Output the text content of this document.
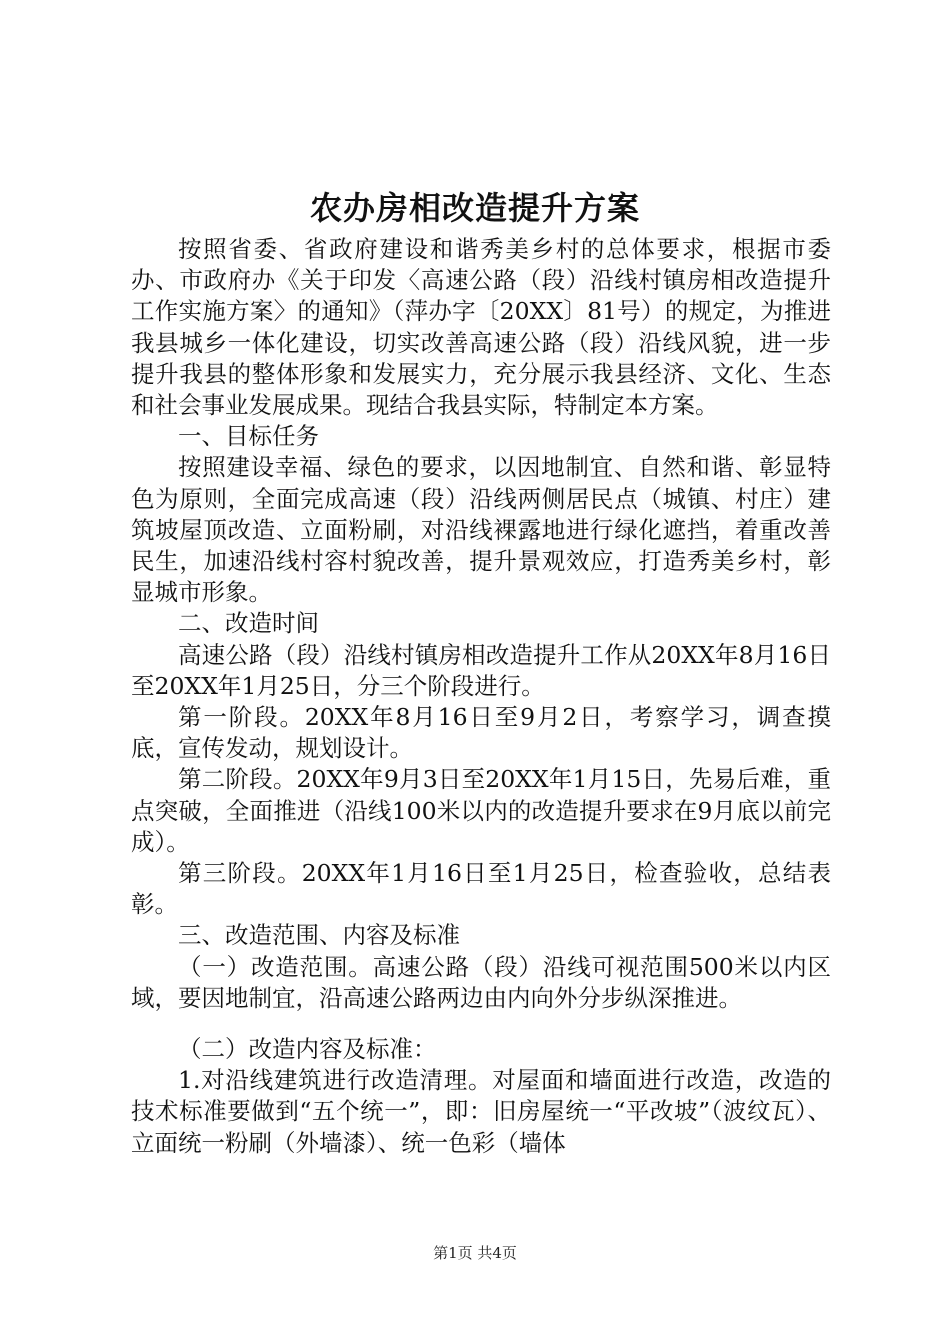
农办房相改造提升方案

按照省委、省政府建设和谐秀美乡村的总体要求，根据市委办、市政府办《关于印发〈高速公路（段）沿线村镇房相改造提升工作实施方案〉的通知》（萍办字〔20XX〕81号）的规定，为推进我县城乡一体化建设，切实改善高速公路（段）沿线风貌，进一步提升我县的整体形象和发展实力，充分展示我县经济、文化、生态和社会事业发展成果。现结合我县实际，特制定本方案。

一、目标任务

按照建设幸福、绿色的要求，以因地制宜、自然和谐、彰显特色为原则，全面完成高速（段）沿线两侧居民点（城镇、村庄）建筑坡屋顶改造、立面粉刷，对沿线裸露地进行绿化遮挡，着重改善民生，加速沿线村容村貌改善，提升景观效应，打造秀美乡村，彰显城市形象。

二、改造时间

高速公路（段）沿线村镇房相改造提升工作从20XX年8月16日至20XX年1月25日，分三个阶段进行。

第一阶段。20XX年8月16日至9月2日，考察学习，调查摸底，宣传发动，规划设计。

第二阶段。20XX年9月3日至20XX年1月15日，先易后难，重点突破，全面推进（沿线100米以内的改造提升要求在9月底以前完成）。

第三阶段。20XX年1月16日至1月25日，检查验收，总结表彰。

三、改造范围、内容及标准

（一）改造范围。高速公路（段）沿线可视范围500米以内区域，要因地制宜，沿高速公路两边由内向外分步纵深推进。

（二）改造内容及标准：

1.对沿线建筑进行改造清理。对屋面和墙面进行改造，改造的技术标准要做到“五个统一”，即：旧房屋统一“平改坡”（波纹瓦）、立面统一粉刷（外墙漆）、统一色彩（墙体

第1页 共4页
